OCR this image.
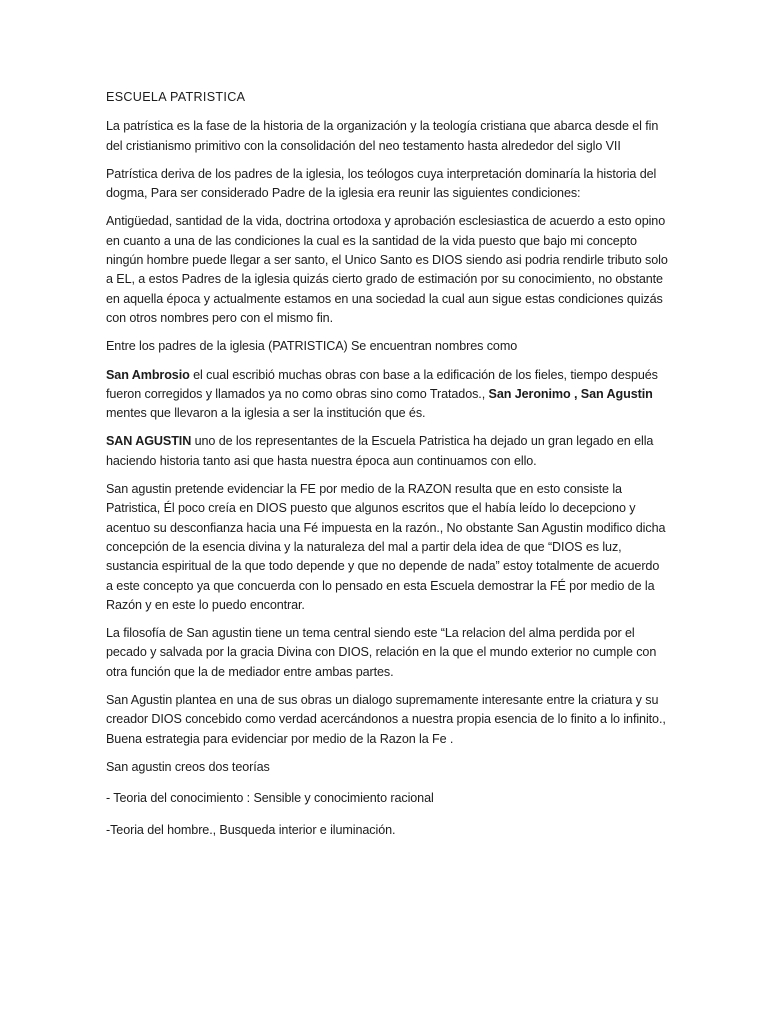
ESCUELA PATRISTICA

La patrística es la fase de la historia de la organización y la teología cristiana que abarca desde el fin del cristianismo primitivo con la consolidación del neo testamento hasta alrededor del siglo VII

Patrística deriva de los padres de la iglesia, los teólogos cuya interpretación dominaría la historia del dogma, Para ser considerado Padre de la iglesia era reunir las siguientes condiciones:

Antigüedad, santidad de la vida, doctrina ortodoxa y aprobación esclesiastica de acuerdo a esto opino en cuanto a una de las condiciones la cual es la santidad de la vida puesto que bajo mi concepto ningún hombre puede llegar a ser santo, el Unico Santo es DIOS siendo asi podria rendirle tributo solo a EL, a estos Padres de la iglesia quizás cierto grado de estimación por su conocimiento, no obstante en aquella época y actualmente estamos en una sociedad la cual aun sigue estas condiciones quizás con otros nombres pero con el mismo fin.

Entre los padres de la iglesia (PATRISTICA) Se encuentran nombres como

San Ambrosio el cual escribió muchas obras con base a la edificación de los fieles, tiempo después fueron corregidos y llamados ya no como obras sino como Tratados., San Jeronimo , San Agustin mentes que llevaron a la iglesia a ser la institución que és.

SAN AGUSTIN uno de los representantes de la Escuela Patristica ha dejado un gran legado en ella haciendo historia tanto asi que hasta nuestra época aun continuamos con ello.

San agustin pretende evidenciar la FE por medio de la RAZON resulta que en esto consiste la Patristica, Él poco creía en DIOS puesto que algunos escritos que el había leído lo decepciono y acentuo su desconfianza hacia una Fé impuesta en la razón., No obstante San Agustin modifico dicha concepción de la esencia divina y la naturaleza del mal a partir dela idea de que “DIOS es luz, sustancia espiritual de la que todo depende y que no depende de nada” estoy totalmente de acuerdo a este concepto ya que concuerda con lo pensado en esta Escuela demostrar la FÉ por medio de la Razón y en este lo puedo encontrar.

La filosofía de San agustin tiene un tema central siendo este “La relacion del alma perdida por el pecado y salvada por la gracia Divina con DIOS, relación en la que el mundo exterior no cumple con otra función que la de mediador entre ambas partes.

San Agustin plantea en una de sus obras un dialogo supremamente interesante entre la criatura y su creador DIOS concebido como verdad acercándonos a nuestra propia esencia de lo finito a lo infinito., Buena estrategia para evidenciar por medio de la Razon la Fe .

San agustin creos dos teorías

- Teoria del conocimiento : Sensible y conocimiento racional

-Teoria del hombre., Busqueda interior e iluminación.
